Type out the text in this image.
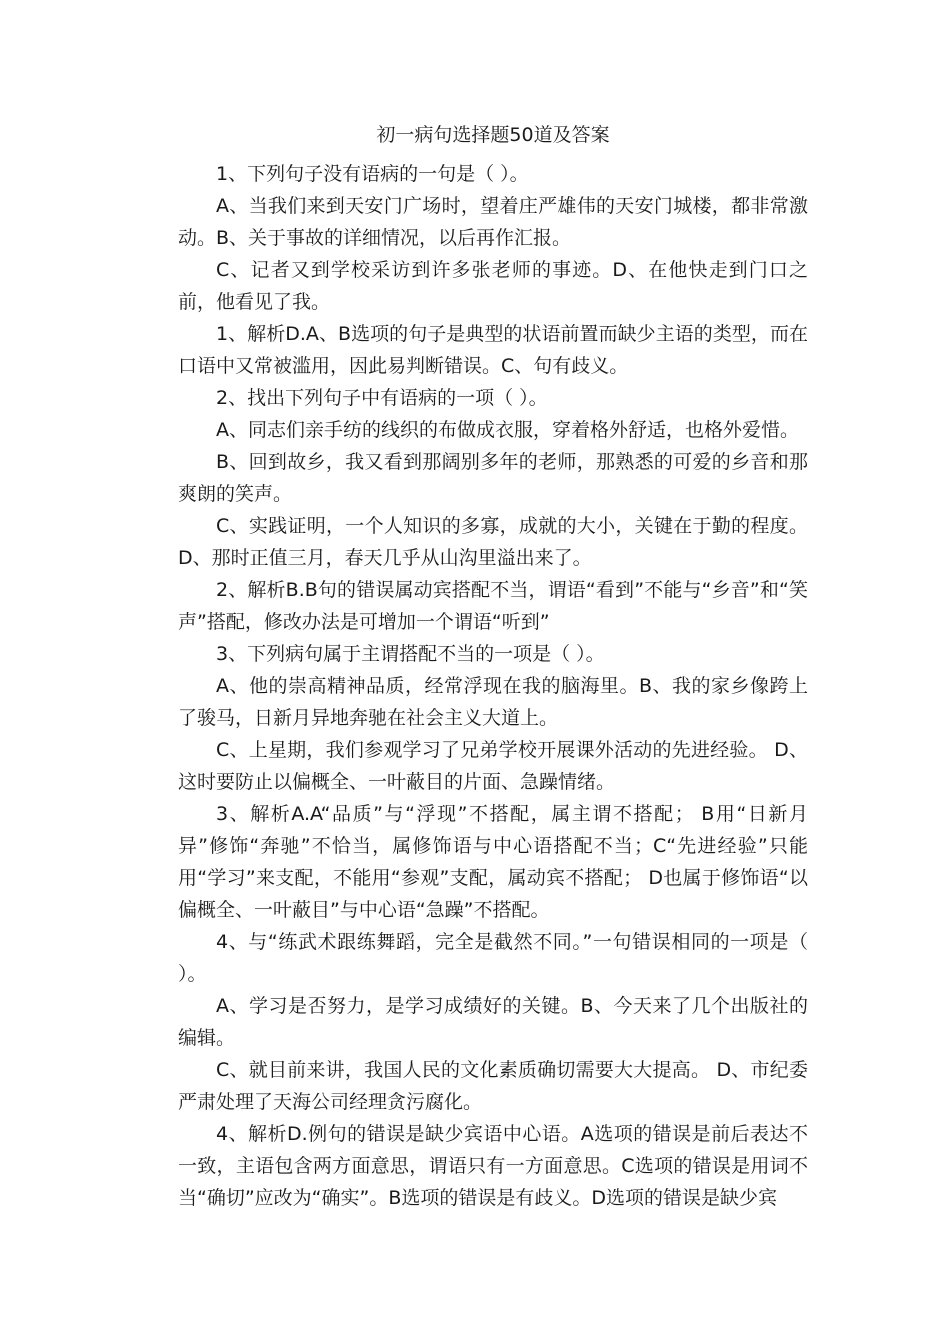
初一病句选择题50道及答案

1、下列句子没有语病的一句是（ ）。

A、当我们来到天安门广场时，望着庄严雄伟的天安门城楼，都非常激动。B、关于事故的详细情况，以后再作汇报。

C、记者又到学校采访到许多张老师的事迹。D、在他快走到门口之前，他看见了我。

1、解析D.A、B选项的句子是典型的状语前置而缺少主语的类型，而在口语中又常被滥用，因此易判断错误。C、句有歧义。

2、找出下列句子中有语病的一项（ ）。

A、同志们亲手纺的线织的布做成衣服，穿着格外舒适，也格外爱惜。

B、回到故乡，我又看到那阔别多年的老师，那熟悉的可爱的乡音和那爽朗的笑声。

C、实践证明，一个人知识的多寡，成就的大小，关键在于勤的程度。D、那时正值三月，春天几乎从山沟里溢出来了。

2、解析B.B句的错误属动宾搭配不当，谓语“看到”不能与“乡音”和“笑声”搭配，修改办法是可增加一个谓语“听到”

3、下列病句属于主谓搭配不当的一项是（ ）。

A、他的崇高精神品质，经常浮现在我的脑海里。B、我的家乡像跨上了骏马，日新月异地奔驰在社会主义大道上。

C、上星期，我们参观学习了兄弟学校开展课外活动的先进经验。 D、这时要防止以偏概全、一叶蔽目的片面、急躁情绪。

3、解析A.A“品质”与“浮现”不搭配，属主谓不搭配； B用“日新月异”修饰“奔驰”不恰当，属修饰语与中心语搭配不当；C“先进经验”只能用“学习”来支配，不能用“参观”支配，属动宾不搭配； D也属于修饰语“以偏概全、一叶蔽目”与中心语“急躁”不搭配。

4、与“练武术跟练舞蹈，完全是截然不同。”一句错误相同的一项是（ ）。

A、学习是否努力，是学习成绩好的关键。B、今天来了几个出版社的编辑。

C、就目前来讲，我国人民的文化素质确切需要大大提高。 D、市纪委严肃处理了天海公司经理贪污腐化。

4、解析D.例句的错误是缺少宾语中心语。A选项的错误是前后表达不一致，主语包含两方面意思，谓语只有一方面意思。C选项的错误是用词不当“确切”应改为“确实”。B选项的错误是有歧义。D选项的错误是缺少宾
